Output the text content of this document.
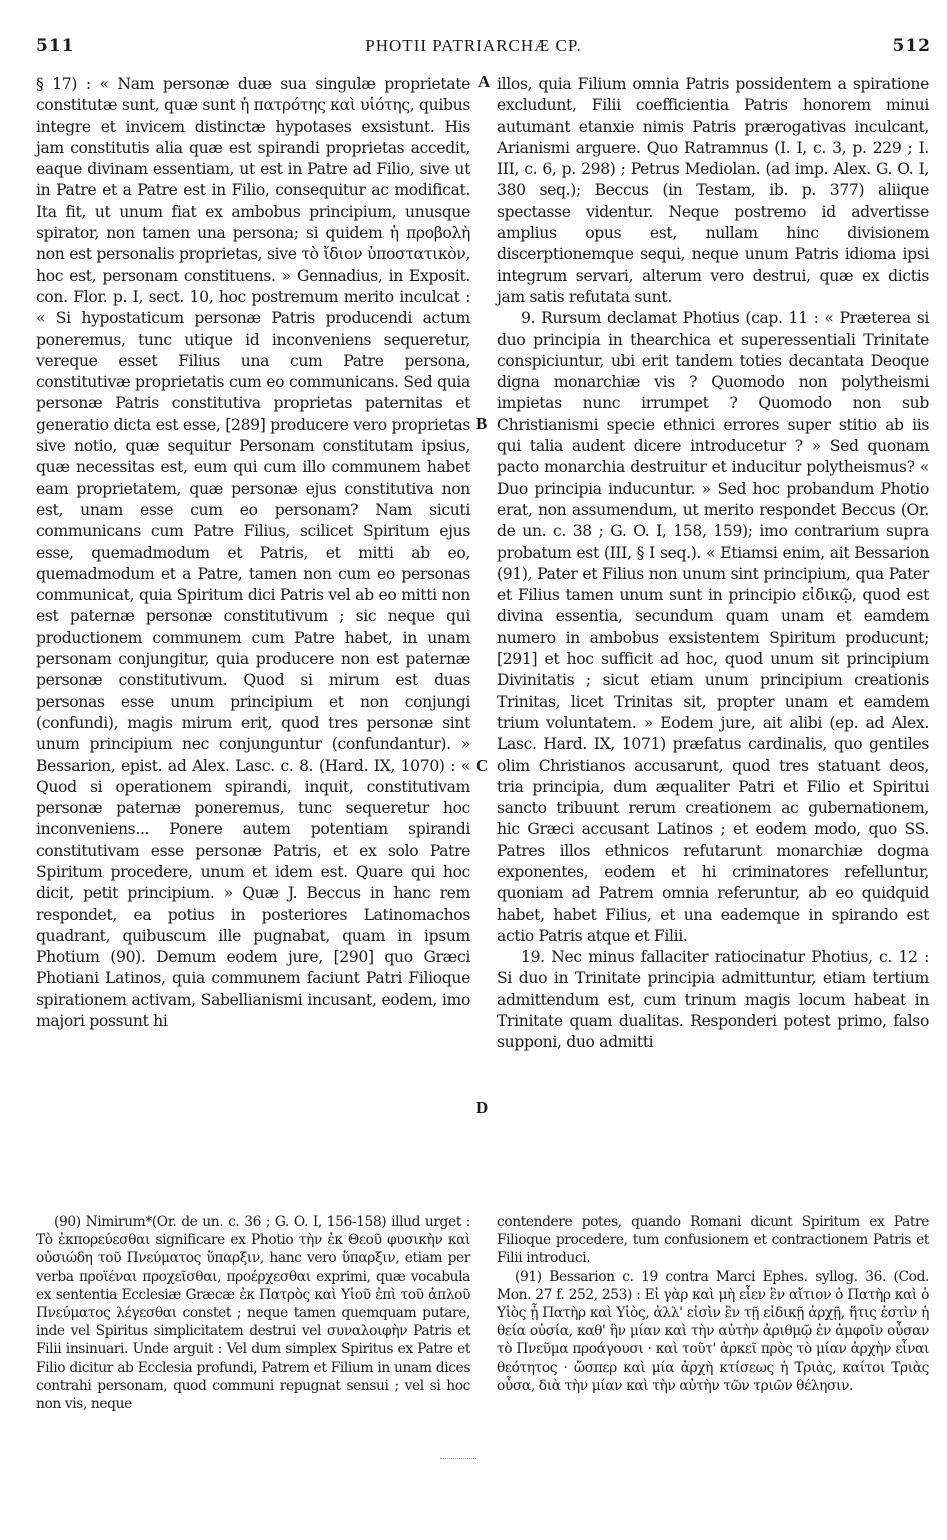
511	PHOTII PATRIARCHÆ CP.	512

§ 17) : « Nam personæ duæ sua singulæ proprietate constitutæ sunt, quæ sunt ἡ πατρότης καὶ υἱότης, quibus integre et invicem distinctæ hypotases exsistunt. His jam constitutis alia quæ est spirandi proprietas accedit, eaque divinam essentiam, ut est in Patre ad Filio, sive ut in Patre et a Patre est in Filio, consequitur ac modificat. Ita fit, ut unum fiat ex ambobus principium, unusque spirator, non tamen una persona; si quidem ἡ προβολὴ non est personalis proprietas, sive τὸ ἴδιον ὑποστατικὸν, hoc est, personam constituens. » Gennadius, in Exposit. con. Flor. p. I, sect. 10, hoc postremum merito inculcat : « Si hypostaticum personæ Patris producendi actum poneremus, tunc utique id inconveniens sequeretur, vereque esset Filius una cum Patre persona, constitutivæ proprietatis cum eo communicans. Sed quia personæ Patris constitutiva proprietas paternitas et generatio dicta est esse, [289] producere vero proprietas sive notio, quæ sequitur Personam constitutam ipsius, quæ necessitas est, eum qui cum illo communem habet eam proprietatem, quæ personæ ejus constitutiva non est, unam esse cum eo personam? Nam sicuti communicans cum Patre Filius, scilicet Spiritum ejus esse, quemadmodum et Patris, et mitti ab eo, quemadmodum et a Patre, tamen non cum eo personas communicat, quia Spiritum dici Patris vel ab eo mitti non est paternæ personæ constitutivum ; sic neque qui productionem communem cum Patre habet, in unam personam conjungitur, quia producere non est paternæ personæ constitutivum. Quod si mirum est duas personas esse unum principium et non conjungi (confundi), magis mirum erit, quod tres personæ sint unum principium nec conjunguntur (confundantur). » Bessarion, epist. ad Alex. Lasc. c. 8. (Hard. IX, 1070) : « Quod si operationem spirandi, inquit, constitutivam personæ paternæ poneremus, tunc sequeretur hoc inconveniens... Ponere autem potentiam spirandi constitutivam esse personæ Patris, et ex solo Patre Spiritum procedere, unum et idem est. Quare qui hoc dicit, petit principium. » Quæ J. Beccus in hanc rem respondet, ea potius in posteriores Latinomachos quadrant, quibuscum ille pugnabat, quam in ipsum Photium (90). Demum eodem jure, [290] quo Græci Photiani Latinos, quia communem faciunt Patri Filioque spirationem activam, Sabellianismi incusant, eodem, imo majori possunt hi

A
B
C
D

illos, quia Filium omnia Patris possidentem a spiratione excludunt, Filii coefficientia Patris honorem minui autumant etanxie nimis Patris prærogativas inculcant, Arianismi arguere. Quo Ratramnus (I. I, c. 3, p. 229 ; I. III, c. 6, p. 298) ; Petrus Mediolan. (ad imp. Alex. G. O. I, 380 seq.); Beccus (in Testam, ib. p. 377) aliique spectasse videntur. Neque postremo id advertisse amplius opus est, nullam hinc divisionem discerptionemque sequi, neque unum Patris idioma ipsi integrum servari, alterum vero destrui, quæ ex dictis jam satis refutata sunt.

9. Rursum declamat Photius (cap. 11 : « Præterea si duo principia in thearchica et superessentiali Trinitate conspiciuntur, ubi erit tandem toties decantata Deoque digna monarchiæ vis ? Quomodo non polytheismi impietas nunc irrumpet ? Quomodo non sub Christianismi specie ethnici errores super stitio ab iis qui talia audent dicere introducetur ? » Sed quonam pacto monarchia destruitur et inducitur polytheismus? « Duo principia inducuntur. » Sed hoc probandum Photio erat, non assumendum, ut merito respondet Beccus (Or. de un. c. 38 ; G. O. I, 158, 159); imo contrarium supra probatum est (III, § I seq.). « Etiamsi enim, ait Bessarion (91), Pater et Filius non unum sint principium, qua Pater et Filius tamen unum sunt in principio εἰδικῷ, quod est divina essentia, secundum quam unam et eamdem numero in ambobus exsistentem Spiritum producunt; [291] et hoc sufficit ad hoc, quod unum sit principium Divinitatis ; sicut etiam unum principium creationis Trinitas, licet Trinitas sit, propter unam et eamdem trium voluntatem. » Eodem jure, ait alibi (ep. ad Alex. Lasc. Hard. IX, 1071) præfatus cardinalis, quo gentiles olim Christianos accusarunt, quod tres statuant deos, tria principia, dum æqualiter Patri et Filio et Spiritui sancto tribuunt rerum creationem ac gubernationem, hic Græci accusant Latinos ; et eodem modo, quo SS. Patres illos ethnicos refutarunt monarchiæ dogma exponentes, eodem et hi criminatores refelluntur, quoniam ad Patrem omnia referuntur, ab eo quidquid habet, habet Filius, et una eademque in spirando est actio Patris atque et Filii.

19. Nec minus fallaciter ratiocinatur Photius, c. 12 : Si duo in Trinitate principia admittuntur, etiam tertium admittendum est, cum trinum magis locum habeat in Trinitate quam dualitas. Responderi potest primo, falso supponi, duo admitti

(90) Nimirum*(Or. de un. c. 36 ; G. O. I, 156-158) illud urget : Τὸ ἐκπορεύεσθαι significare ex Photio τὴν ἐκ Θεοῦ φυσικὴν καὶ οὐσιώδη τοῦ Πνεύματος ὕπαρξιν, hanc vero ὕπαρξιν, etiam per verba προϊέναι προχεῖσθαι, προέρχεσθαι exprimi, quæ vocabula ex sententia Ecclesiæ Græcæ ἐκ Πατρὸς καὶ Υἱοῦ ἐπὶ τοῦ ἁπλοῦ Πνεύματος λέγεσθαι constet ; neque tamen quemquam putare, inde vel Spiritus simplicitatem destrui vel συναλοιφὴν Patris et Filii insinuari. Unde arguit : Vel dum simplex Spiritus ex Patre et Filio dicitur ab Ecclesia profundi, Patrem et Filium in unam dices contrahi personam, quod communi repugnat sensui ; vel si hoc non vis, neque

contendere potes, quando Romani dicunt Spiritum ex Patre Filioque procedere, tum confusionem et contractionem Patris et Filii introduci.

(91) Bessarion c. 19 contra Marci Ephes. syllog. 36. (Cod. Mon. 27 f. 252, 253) : Εἰ γὰρ καὶ μὴ εἶεν ἓν αἴτιον ὁ Πατὴρ καὶ ὁ Υἱὸς ᾗ Πατὴρ καὶ Υἱὸς, ἀλλ' εἰσὶν ἓν τῇ εἰδικῇ ἀρχῇ, ἥτις ἐστὶν ἡ θεία οὐσία, καθ' ἣν μίαν καὶ τὴν αὐτὴν ἀριθμῷ ἐν ἀμφοῖν οὖσαν τὸ Πνεῦμα προάγουσι · καὶ τοῦτ' ἀρκεῖ πρὸς τὸ μίαν ἀρχὴν εἶναι θεότητος · ὥσπερ καὶ μία ἀρχὴ κτίσεως ἡ Τριὰς, καίτοι Τριὰς οὖσα, διὰ τὴν μίαν καὶ τὴν αὐτὴν τῶν τριῶν θέλησιν.
